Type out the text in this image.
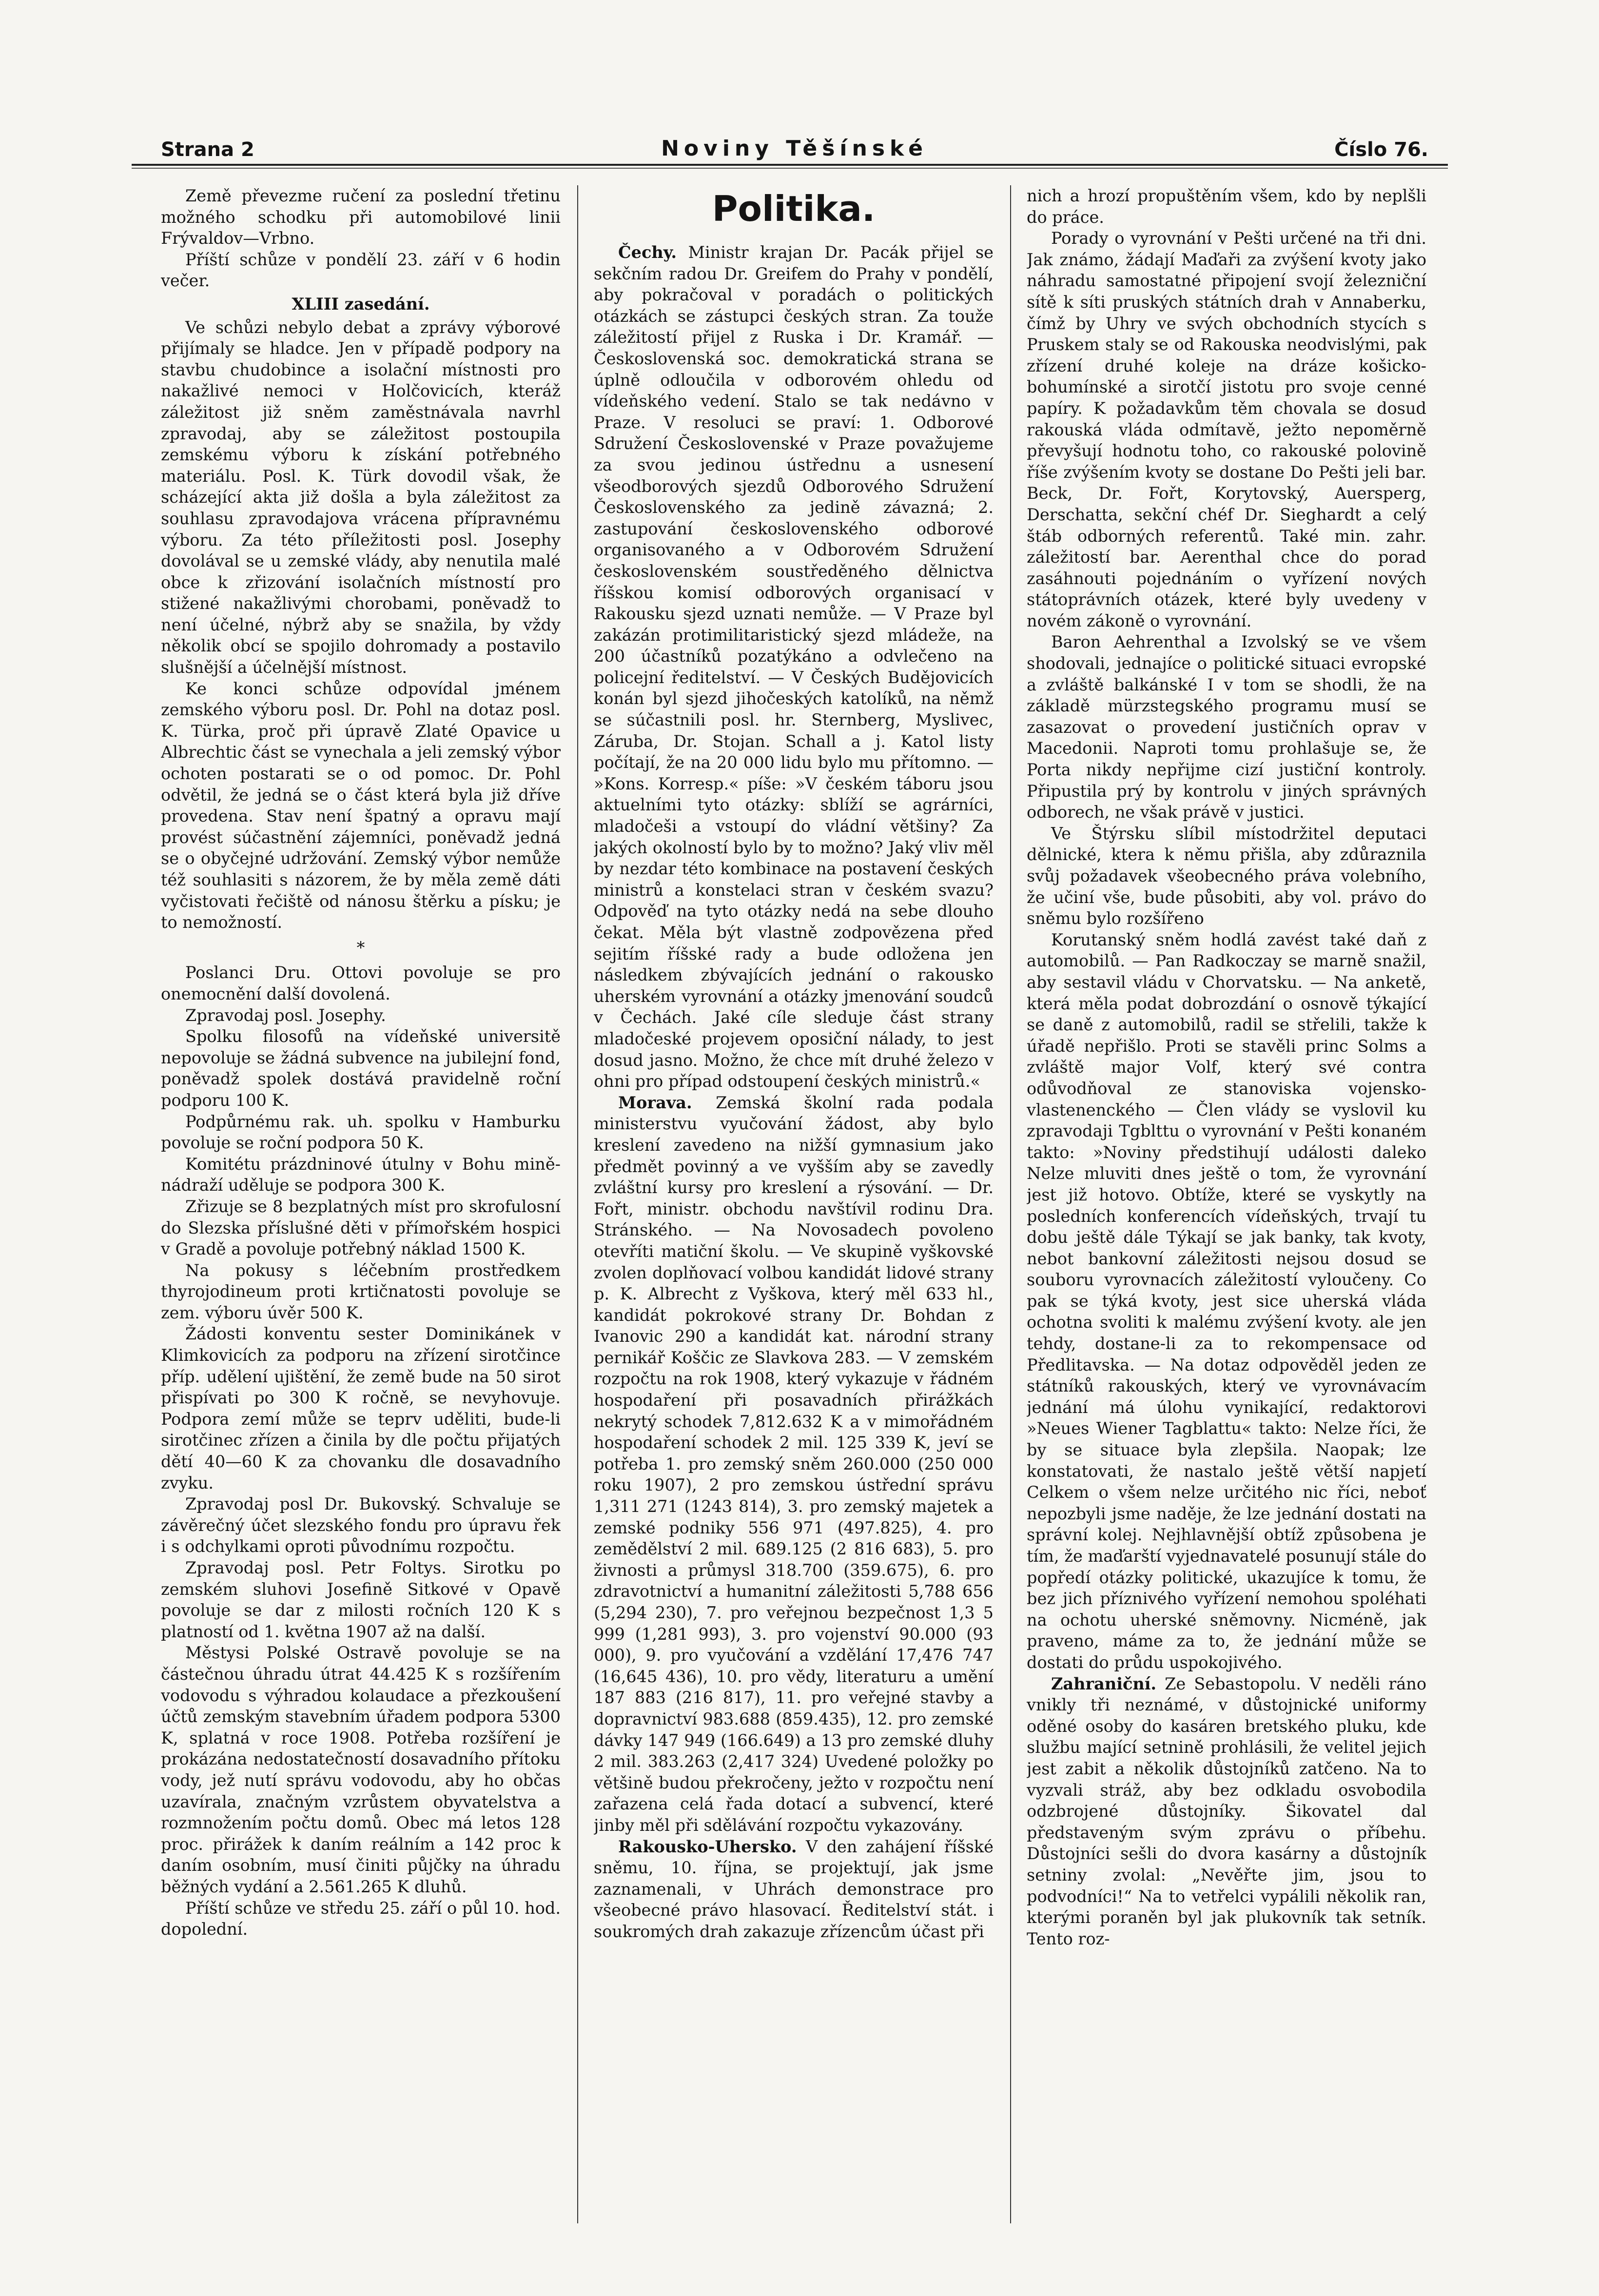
Strana 2	Noviny Těšínské	Číslo 76.

Země převezme ručení za poslední třetinu možného schodku při automobilové linii Frývaldov—Vrbno.

Příští schůze v pondělí 23. září v 6 hodin večer.

XLIII zasedání.

Ve schůzi nebylo debat a zprávy výborové přijímaly se hladce. Jen v případě podpory na stavbu chudobince a isolační místnosti pro nakažlivé nemoci v Holčovicích, kteráž záležitost již sněm zaměstnávala navrhl zpravodaj, aby se záležitost postoupila zemskému výboru k získání potřebného materiálu. Posl. K. Türk dovodil však, že scházející akta již došla a byla záležitost za souhlasu zpravodajova vrácena přípravnému výboru. Za této příležitosti posl. Josephy dovolával se u zemské vlády, aby nenutila malé obce k zřizování isolačních místností pro stižené nakažlivými chorobami, poněvadž to není účelné, nýbrž aby se snažila, by vždy několik obcí se spojilo dohromady a postavilo slušnější a účelnější místnost.

Ke konci schůze odpovídal jménem zemského výboru posl. Dr. Pohl na dotaz posl. K. Türka, proč při úpravě Zlaté Opavice u Albrechtic část se vynechala a jeli zemský výbor ochoten postarati se o od pomoc. Dr. Pohl odvětil, že jedná se o část která byla již dříve provedena. Stav není špatný a opravu mají provést súčastnění zájemníci, poněvadž jedná se o obyčejné udržování. Zemský výbor nemůže též souhlasiti s názorem, že by měla země dáti vyčistovati řečiště od nánosu štěrku a písku; je to nemožností.

*

Poslanci Dru. Ottovi povoluje se pro onemocnění další dovolená.

Zpravodaj posl. Josephy.

Spolku filosofů na vídeňské universitě nepovoluje se žádná subvence na jubilejní fond, poněvadž spolek dostává pravidelně roční podporu 100 K.

Podpůrnému rak. uh. spolku v Hamburku povoluje se roční podpora 50 K.

Komitétu prázdninové útulny v Bohu mině-nádraží uděluje se podpora 300 K.

Zřizuje se 8 bezplatných míst pro skrofulosní do Slezska příslušné děti v přímořském hospici v Gradě a povoluje potřebný náklad 1500 K.

Na pokusy s léčebním prostředkem thyrojodineum proti krtičnatosti povoluje se zem. výboru úvěr 500 K.

Žádosti konventu sester Dominikánek v Klimkovicích za podporu na zřízení sirotčince příp. udělení ujištění, že země bude na 50 sirot přispívati po 300 K ročně, se nevyhovuje. Podpora zemí může se teprv uděliti, bude-li sirotčinec zřízen a činila by dle počtu přijatých dětí 40—60 K za chovanku dle dosavadního zvyku.

Zpravodaj posl Dr. Bukovský. Schvaluje se závěrečný účet slezského fondu pro úpravu řek i s odchylkami oproti původnímu rozpočtu.

Zpravodaj posl. Petr Foltys. Sirotku po zemském sluhovi Josefině Sitkové v Opavě povoluje se dar z milosti ročních 120 K s platností od 1. května 1907 až na další.

Městysi Polské Ostravě povoluje se na částečnou úhradu útrat 44.425 K s rozšířením vodovodu s výhradou kolaudace a přezkoušení účtů zemským stavebním úřadem podpora 5300 K, splatná v roce 1908. Potřeba rozšíření je prokázána nedostatečností dosavadního přítoku vody, jež nutí správu vodovodu, aby ho občas uzavírala, značným vzrůstem obyvatelstva a rozmnožením počtu domů. Obec má letos 128 proc. přirážek k daním reálním a 142 proc k daním osobním, musí činiti půjčky na úhradu běžných vydání a 2.561.265 K dluhů.

Příští schůze ve středu 25. září o půl 10. hod. dopolední.

Politika.

Čechy. Ministr krajan Dr. Pacák přijel se sekčním radou Dr. Greifem do Prahy v pondělí, aby pokračoval v poradách o politických otázkách se zástupci českých stran. Za touže záležitostí přijel z Ruska i Dr. Kramář. — Československá soc. demokratická strana se úplně odloučila v odborovém ohledu od vídeňského vedení. Stalo se tak nedávno v Praze. V resoluci se praví: 1. Odborové Sdružení Československé v Praze považujeme za svou jedinou ústřednu a usnesení všeodborových sjezdů Odborového Sdružení Československého za jedině závazná; 2. zastupování československého odborové organisovaného a v Odborovém Sdružení československém soustředěného dělnictva říšskou komisí odborových organisací v Rakousku sjezd uznati nemůže. — V Praze byl zakázán protimilitaristický sjezd mládeže, na 200 účastníků pozatýkáno a odvlečeno na policejní ředitelství. — V Českých Budějovicích konán byl sjezd jihočeských katolíků, na němž se súčastnili posl. hr. Sternberg, Myslivec, Záruba, Dr. Stojan. Schall a j. Katol listy počítají, že na 20 000 lidu bylo mu přítomno. — »Kons. Korresp.« píše: »V českém táboru jsou aktuelními tyto otázky: sblíží se agrárníci, mladočeši a vstoupí do vládní většiny? Za jakých okolností bylo by to možno? Jaký vliv měl by nezdar této kombinace na postavení českých ministrů a konstelaci stran v českém svazu? Odpověď na tyto otázky nedá na sebe dlouho čekat. Měla být vlastně zodpovězena před sejitím říšské rady a bude odložena jen následkem zbývajících jednání o rakousko uherském vyrovnání a otázky jmenování soudců v Čechách. Jaké cíle sleduje část strany mladočeské projevem oposiční nálady, to jest dosud jasno. Možno, že chce mít druhé železo v ohni pro případ odstoupení českých ministrů.«

Morava. Zemská školní rada podala ministerstvu vyučování žádost, aby bylo kreslení zavedeno na nižší gymnasium jako předmět povinný a ve vyšším aby se zavedly zvláštní kursy pro kreslení a rýsování. — Dr. Fořt, ministr. obchodu navštívil rodinu Dra. Stránského. — Na Novosadech povoleno otevříti matiční školu. — Ve skupině vyškovské zvolen doplňovací volbou kandidát lidové strany p. K. Albrecht z Vyškova, který měl 633 hl., kandidát pokrokové strany Dr. Bohdan z Ivanovic 290 a kandidát kat. národní strany pernikář Koščic ze Slavkova 283. — V zemském rozpočtu na rok 1908, který vykazuje v řádném hospodaření při posavadních přirážkách nekrytý schodek 7,812.632 K a v mimořádném hospodaření schodek 2 mil. 125 339 K, jeví se potřeba 1. pro zemský sněm 260.000 (250 000 roku 1907), 2 pro zemskou ústřední správu 1,311 271 (1243 814), 3. pro zemský majetek a zemské podniky 556 971 (497.825), 4. pro zemědělství 2 mil. 689.125 (2 816 683), 5. pro živnosti a průmysl 318.700 (359.675), 6. pro zdravotnictví a humanitní záležitosti 5,788 656 (5,294 230), 7. pro veřejnou bezpečnost 1,3 5 999 (1,281 993), 3. pro vojenství 90.000 (93 000), 9. pro vyučování a vzdělání 17,476 747 (16,645 436), 10. pro vědy, literaturu a umění 187 883 (216 817), 11. pro veřejné stavby a dopravnictví 983.688 (859.435), 12. pro zemské dávky 147 949 (166.649) a 13 pro zemské dluhy 2 mil. 383.263 (2,417 324) Uvedené položky po většině budou překročeny, ježto v rozpočtu není zařazena celá řada dotací a subvencí, které jinby měl při sdělávání rozpočtu vykazovány.

Rakousko-Uhersko. V den zahájení říšské sněmu, 10. října, se projektují, jak jsme zaznamenali, v Uhrách demonstrace pro všeobecné právo hlasovací. Ředitelství stát. i soukromých drah zakazuje zřízencům účast při

nich a hrozí propuštěním všem, kdo by neplšli do práce.

Porady o vyrovnání v Pešti určené na tři dni. Jak známo, žádají Maďaři za zvýšení kvoty jako náhradu samostatné připojení svojí železniční sítě k síti pruských státních drah v Annaberku, čímž by Uhry ve svých obchodních stycích s Pruskem staly se od Rakouska neodvislými, pak zřízení druhé koleje na dráze košicko-bohumínské a sirotčí jistotu pro svoje cenné papíry. K požadavkům těm chovala se dosud rakouská vláda odmítavě, ježto nepoměrně převyšují hodnotu toho, co rakouské polovině říše zvýšením kvoty se dostane Do Pešti jeli bar. Beck, Dr. Fořt, Korytovský, Auersperg, Derschatta, sekční chéf Dr. Sieghardt a celý štáb odborných referentů. Také min. zahr. záležitostí bar. Aerenthal chce do porad zasáhnouti pojednáním o vyřízení nových státoprávních otázek, které byly uvedeny v novém zákoně o vyrovnání.

Baron Aehrenthal a Izvolský se ve všem shodovali, jednajíce o politické situaci evropské a zvláště balkánské I v tom se shodli, že na základě mürzstegského programu musí se zasazovat o provedení justičních oprav v Macedonii. Naproti tomu prohlašuje se, že Porta nikdy nepřijme cizí justiční kontroly. Připustila prý by kontrolu v jiných správných odborech, ne však právě v justici.

Ve Štýrsku slíbil místodržitel deputaci dělnické, ktera k němu přišla, aby zdůraznila svůj požadavek všeobecného práva volebního, že učiní vše, bude působiti, aby vol. právo do sněmu bylo rozšířeno

Korutanský sněm hodlá zavést také daň z automobilů. — Pan Radkoczay se marně snažil, aby sestavil vládu v Chorvatsku. — Na anketě, která měla podat dobrozdání o osnově týkající se daně z automobilů, radil se střelili, takže k úřadě nepřišlo. Proti se stavěli princ Solms a zvláště major Volf, který své contra odůvodňoval ze stanoviska vojensko-vlastenenckého — Člen vlády se vyslovil ku zpravodaji Tgblttu o vyrovnání v Pešti konaném takto: »Noviny předstihují události daleko Nelze mluviti dnes ještě o tom, že vyrovnání jest již hotovo. Obtíže, které se vyskytly na posledních konferencích vídeňských, trvají tu dobu ještě dále Týkají se jak banky, tak kvoty, nebot bankovní záležitosti nejsou dosud se souboru vyrovnacích záležitostí vyloučeny. Co pak se týká kvoty, jest sice uherská vláda ochotna svoliti k malému zvýšení kvoty. ale jen tehdy, dostane-li za to rekompensace od Předlitavska. — Na dotaz odpověděl jeden ze státníků rakouských, který ve vyrovnávacím jednání má úlohu vynikající, redaktorovi »Neues Wiener Tagblattu« takto: Nelze říci, že by se situace byla zlepšila. Naopak; lze konstatovati, že nastalo ještě větší napjetí Celkem o všem nelze určitého nic říci, neboť nepozbyli jsme naděje, že lze jednání dostati na správní kolej. Nejhlavnější obtíž způsobena je tím, že maďarští vyjednavatelé posunují stále do popředí otázky politické, ukazujíce k tomu, že bez jich příznivého vyřízení nemohou spoléhati na ochotu uherské sněmovny. Nicméně, jak praveno, máme za to, že jednání může se dostati do průdu uspokojivého.

Zahraniční. Ze Sebastopolu. V neděli ráno vnikly tři neznámé, v důstojnické uniformy oděné osoby do kasáren bretského pluku, kde službu mající setnině prohlásili, že velitel jejich jest zabit a několik důstojníků zatčeno. Na to vyzvali stráž, aby bez odkladu osvobodila odzbrojené důstojníky. Šikovatel dal představeným svým zprávu o příbehu. Důstojníci sešli do dvora kasárny a důstojník setniny zvolal: „Nevěřte jim, jsou to podvodníci!“ Na to vetřelci vypálili několik ran, kterými poraněn byl jak plukovník tak setník. Tento roz-
